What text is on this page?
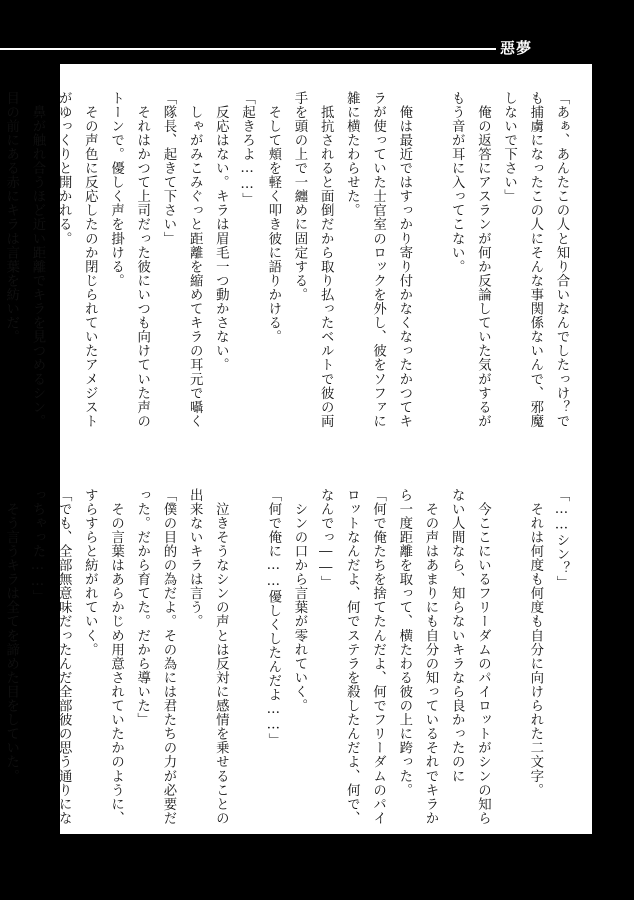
惡夢
「あぁ、あんたこの人と知り合いなんでしたっけ？で
も捕虜になったこの人にそんな事関係ないんで、邪魔
しないで下さい」
　俺の返答にアスランが何か反論していた気がするが
もう音が耳に入ってこない。

　俺は最近ではすっかり寄り付かなくなったかつてキ
ラが使っていた士官室のロックを外し、彼をソファに
雑に横たわらせた。
　抵抗されると面倒だから取り払ったベルトで彼の両
手を頭の上で一纏めに固定する。
　そして頬を軽く叩き彼に語りかける。
「起きろよ……」
　反応はない。キラは眉毛一つ動かさない。
　しゃがみこみぐっと距離を縮めてキラの耳元で囁く
「隊長、起きて下さい」
　それはかつて上司だった彼にいつも向けていた声の
トーンで。優しく声を掛ける。
　その声色に反応したのか閉じられていたアメジスト
がゆっくりと開かれる。
　鼻が触れ合うほど近い距離でキラを見つめるシン。
目の前にある赤にキラは言葉を紡いだ。
「……シン？」
　それは何度も何度も自分に向けられた二文字。

　今ここにいるフリーダムのパイロットがシンの知ら
ない人間なら、知らないキラなら良かったのに
　その声はあまりにも自分の知っているそれでキラか
ら一度距離を取って、横たわる彼の上に跨った。
「何で俺たちを捨てたんだよ、何でフリーダムのパイ
ロットなんだよ、何でステラを殺したんだよ、何で、
なんでっ――」
　シンの口から言葉が零れていく。
「何で俺に……優しくしたんだよ……」

　泣きそうなシンの声とは反対に感情を乗せることの
出来ないキラは言う。
「僕の目的の為だよ。その為には君たちの力が必要だ
った。だから育てた。だから導いた」
　その言葉はあらかじめ用意されていたかのように、
すらすらと紡がれていく。
「でも、全部無意味だったんだ全部彼の思う通りにな
っちゃった……」
　そう言うキラは全てを諦めた目をしていた。
